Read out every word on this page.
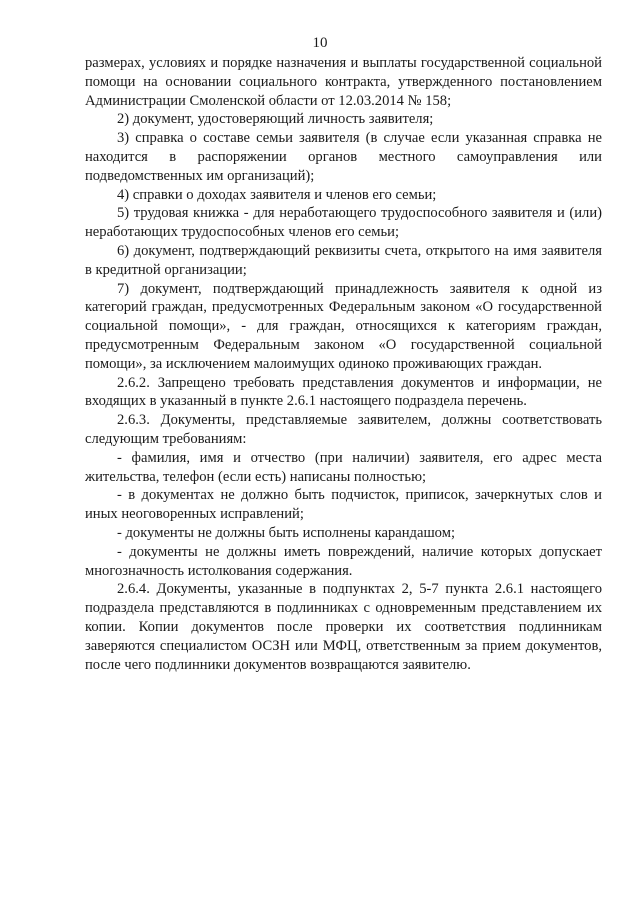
10

размерах, условиях и порядке назначения и выплаты государственной социальной помощи на основании социального контракта, утвержденного постановлением Администрации Смоленской области от 12.03.2014 № 158;

2) документ, удостоверяющий личность заявителя;

3) справка о составе семьи заявителя (в случае если указанная справка не находится в распоряжении органов местного самоуправления или подведомственных им организаций);

4) справки о доходах заявителя и членов его семьи;

5) трудовая книжка - для неработающего трудоспособного заявителя и (или) неработающих трудоспособных членов его семьи;

6) документ, подтверждающий реквизиты счета, открытого на имя заявителя в кредитной организации;

7) документ, подтверждающий принадлежность заявителя к одной из категорий граждан, предусмотренных Федеральным законом «О государственной социальной помощи», - для граждан, относящихся к категориям граждан, предусмотренным Федеральным законом «О государственной социальной помощи», за исключением малоимущих одиноко проживающих граждан.

2.6.2. Запрещено требовать представления документов и информации, не входящих в указанный в пункте 2.6.1 настоящего подраздела перечень.

2.6.3. Документы, представляемые заявителем, должны соответствовать следующим требованиям:

- фамилия, имя и отчество (при наличии) заявителя, его адрес места жительства, телефон (если есть) написаны полностью;

- в документах не должно быть подчисток, приписок, зачеркнутых слов и иных неоговоренных исправлений;

- документы не должны быть исполнены карандашом;

- документы не должны иметь повреждений, наличие которых допускает многозначность истолкования содержания.

2.6.4. Документы, указанные в подпунктах 2, 5-7 пункта 2.6.1 настоящего подраздела представляются в подлинниках с одновременным представлением их копии. Копии документов после проверки их соответствия подлинникам заверяются специалистом ОСЗН или МФЦ, ответственным за прием документов, после чего подлинники документов возвращаются заявителю.
